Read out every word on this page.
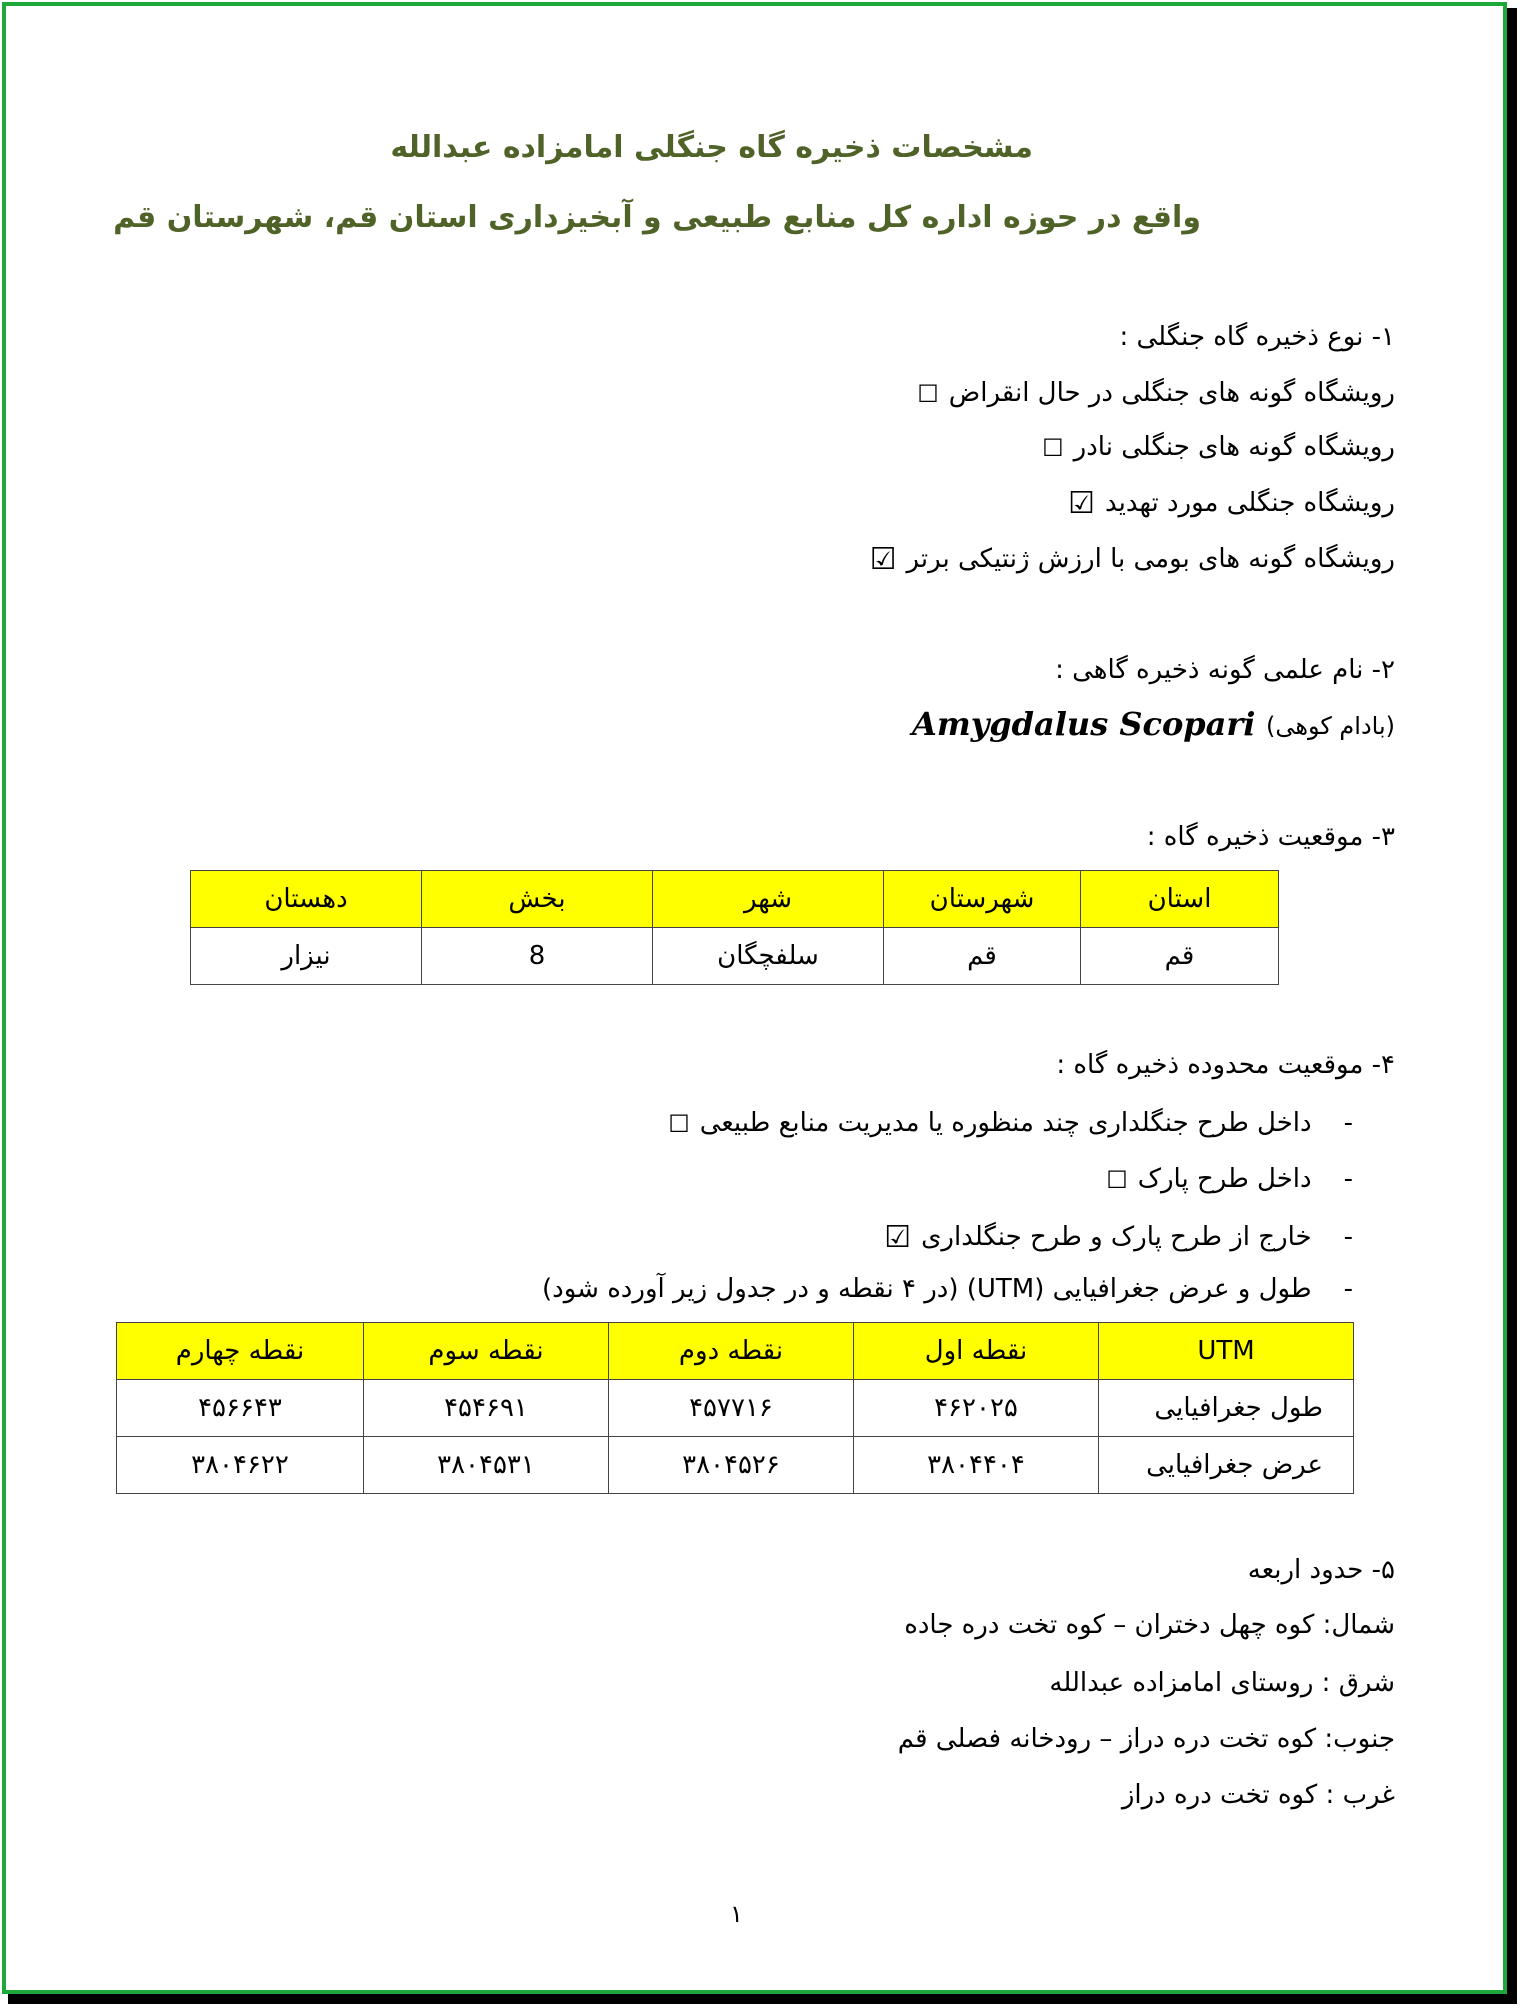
مشخصات ذخیره گاه جنگلی امامزاده عبدالله
واقع در حوزه اداره کل منابع طبیعی و آبخیزداری استان قم، شهرستان قم
۱- نوع ذخیره گاه جنگلی :
رویشگاه گونه های جنگلی در حال انقراض☐
رویشگاه گونه های جنگلی نادر☐
رویشگاه جنگلی مورد تهدید☑
رویشگاه گونه های بومی با ارزش ژنتیکی برتر☑
۲- نام علمی گونه ذخیره گاهی :
(بادام کوهی)
Amygdalus Scopari
۳- موقعیت ذخیره گاه :
استان	شهرستان	شهر	بخش	دهستان
قم	قم	سلفچگان	8	نیزار
۴- موقعیت محدوده ذخیره گاه :
-داخل طرح جنگلداری چند منظوره یا مدیریت منابع طبیعی☐
-داخل طرح پارک☐
-خارج از طرح پارک و طرح جنگلداری☑
-طول و عرض جغرافیایی (UTM) (در ۴ نقطه و در جدول زیر آورده شود)
UTM	نقطه اول	نقطه دوم	نقطه سوم	نقطه چهارم
طول جغرافیایی	۴۶۲۰۲۵	۴۵۷۷۱۶	۴۵۴۶۹۱	۴۵۶۶۴۳
عرض جغرافیایی	۳۸۰۴۴۰۴	۳۸۰۴۵۲۶	۳۸۰۴۵۳۱	۳۸۰۴۶۲۲
۵- حدود اربعه
شمال: کوه چهل دختران – کوه تخت دره جاده
شرق : روستای امامزاده عبدالله
جنوب: کوه تخت دره دراز – رودخانه فصلی قم
غرب : کوه تخت دره دراز
۱
